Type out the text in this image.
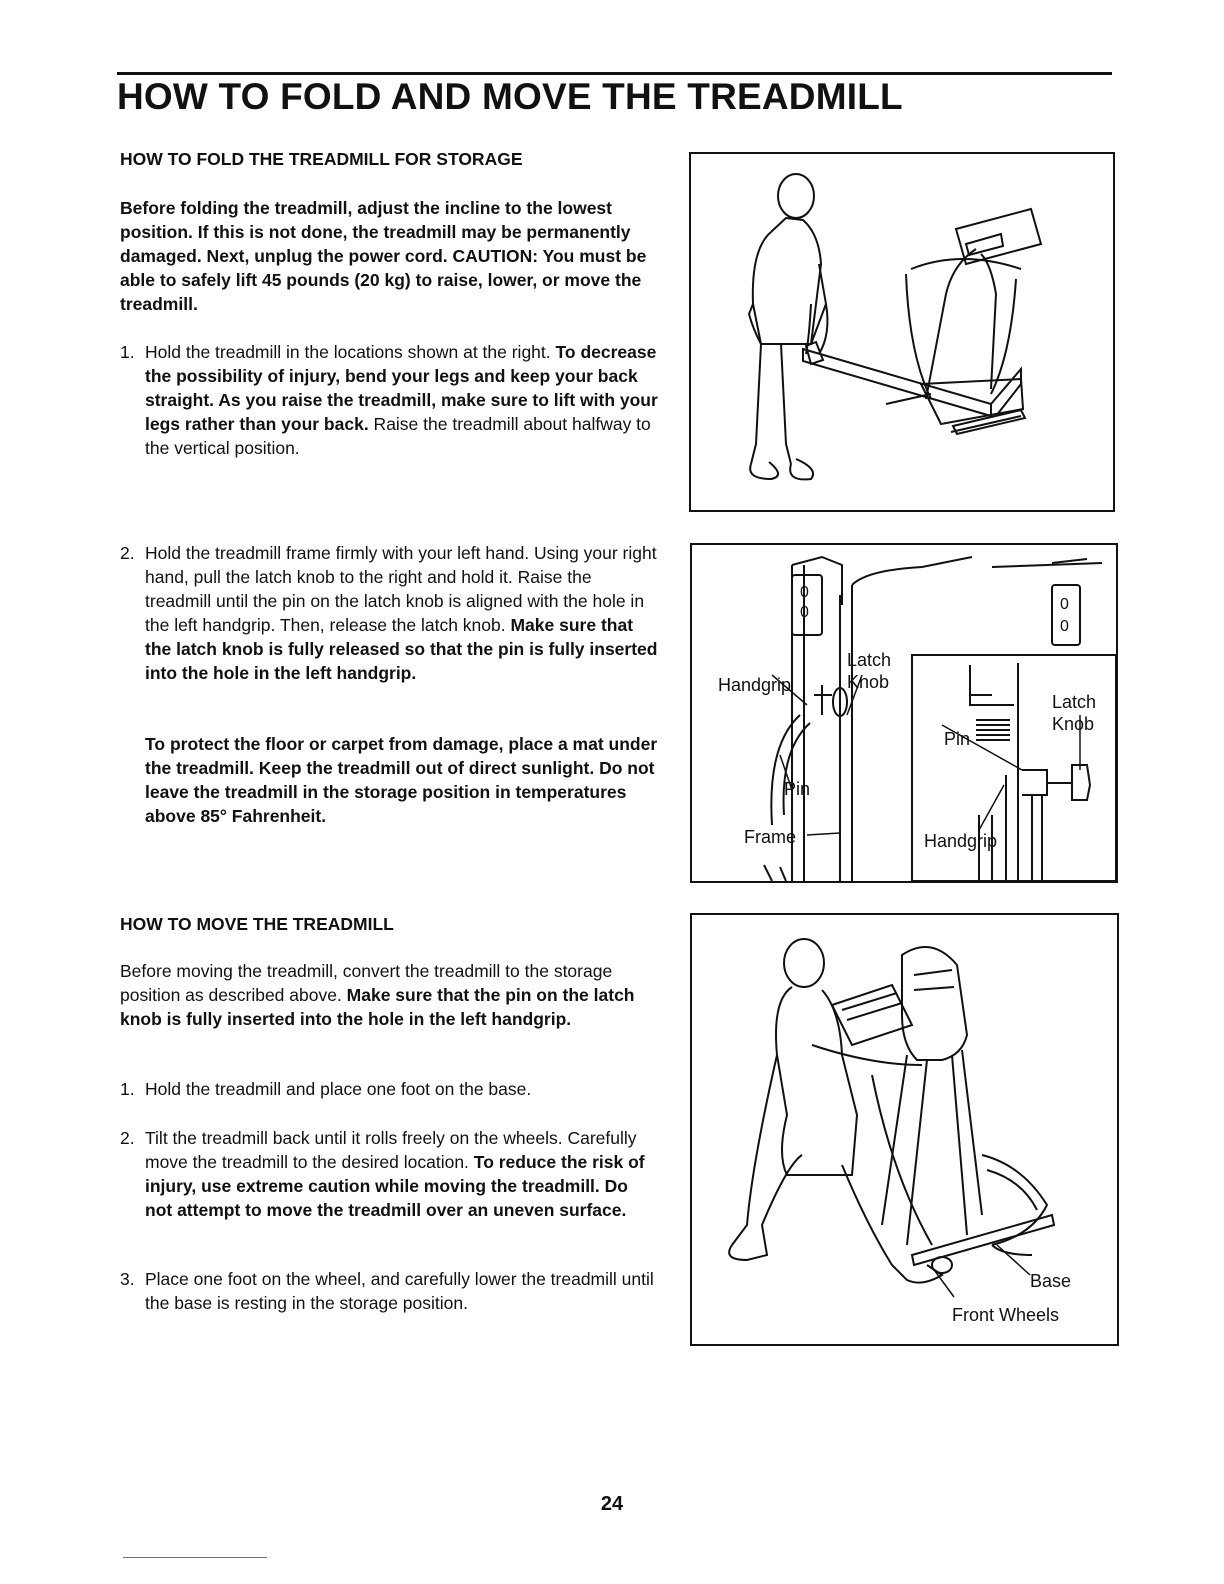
HOW TO FOLD AND MOVE THE TREADMILL

HOW TO FOLD THE TREADMILL FOR STORAGE

Before folding the treadmill, adjust the incline to the lowest position. If this is not done, the treadmill may be permanently damaged. Next, unplug the power cord. CAUTION: You must be able to safely lift 45 pounds (20 kg) to raise, lower, or move the treadmill.
1. Hold the treadmill in the locations shown at the right. To decrease the possibility of injury, bend your legs and keep your back straight. As you raise the treadmill, make sure to lift with your legs rather than your back. Raise the treadmill about halfway to the vertical position.
2. Hold the treadmill frame firmly with your left hand. Using your right hand, pull the latch knob to the right and hold it. Raise the treadmill until the pin on the latch knob is aligned with the hole in the left handgrip. Then, release the latch knob. Make sure that the latch knob is fully released so that the pin is fully inserted into the hole in the left handgrip.
To protect the floor or carpet from damage, place a mat under the treadmill. Keep the treadmill out of direct sunlight. Do not leave the treadmill in the storage position in temperatures above 85° Fahrenheit.

HOW TO MOVE THE TREADMILL

Before moving the treadmill, convert the treadmill to the storage position as described above. Make sure that the pin on the latch knob is fully inserted into the hole in the left handgrip.
1. Hold the treadmill and place one foot on the base.
2. Tilt the treadmill back until it rolls freely on the wheels. Carefully move the treadmill to the desired location. To reduce the risk of injury, use extreme caution while moving the treadmill. Do not attempt to move the treadmill over an uneven surface.
3. Place one foot on the wheel, and carefully lower the treadmill until the base is resting in the storage position.
0
0	0
0
Handgrip
Latch
Knob
Pin
Frame
Pin
Latch
Knob
Handgrip
Base
Front Wheels
24
